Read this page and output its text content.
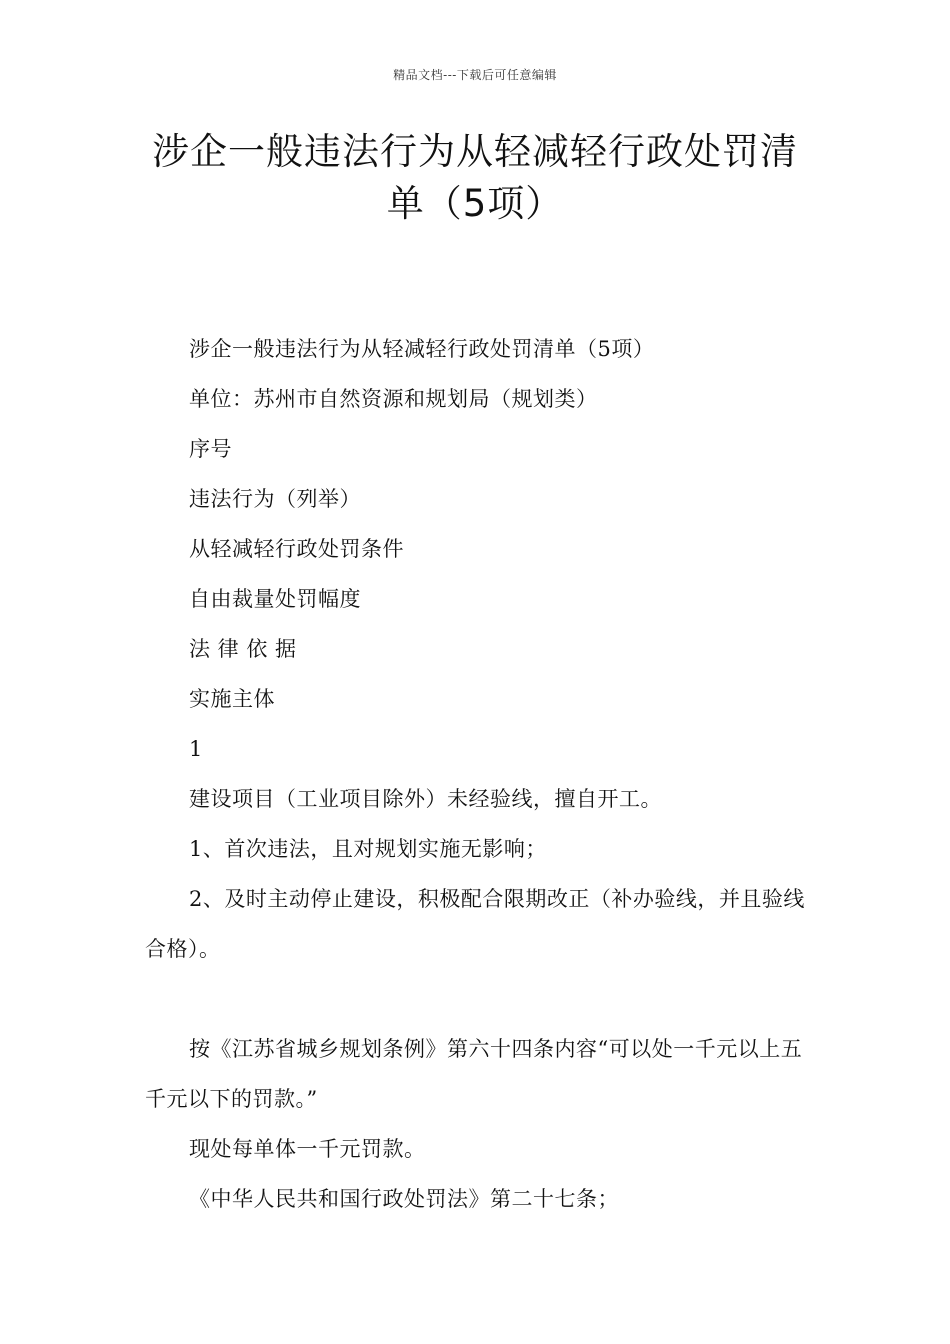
精品文档---下载后可任意编辑
涉企一般违法行为从轻减轻行政处罚清单（5项）

涉企一般违法行为从轻减轻行政处罚清单（5项）

单位：苏州市自然资源和规划局（规划类）

序号

违法行为（列举）

从轻减轻行政处罚条件

自由裁量处罚幅度

法 律 依 据

实施主体

1

建设项目（工业项目除外）未经验线，擅自开工。

1、首次违法，且对规划实施无影响；

2、及时主动停止建设，积极配合限期改正（补办验线，并且验线合格）。

按《江苏省城乡规划条例》第六十四条内容“可以处一千元以上五千元以下的罚款。”

现处每单体一千元罚款。

《中华人民共和国行政处罚法》第二十七条；
